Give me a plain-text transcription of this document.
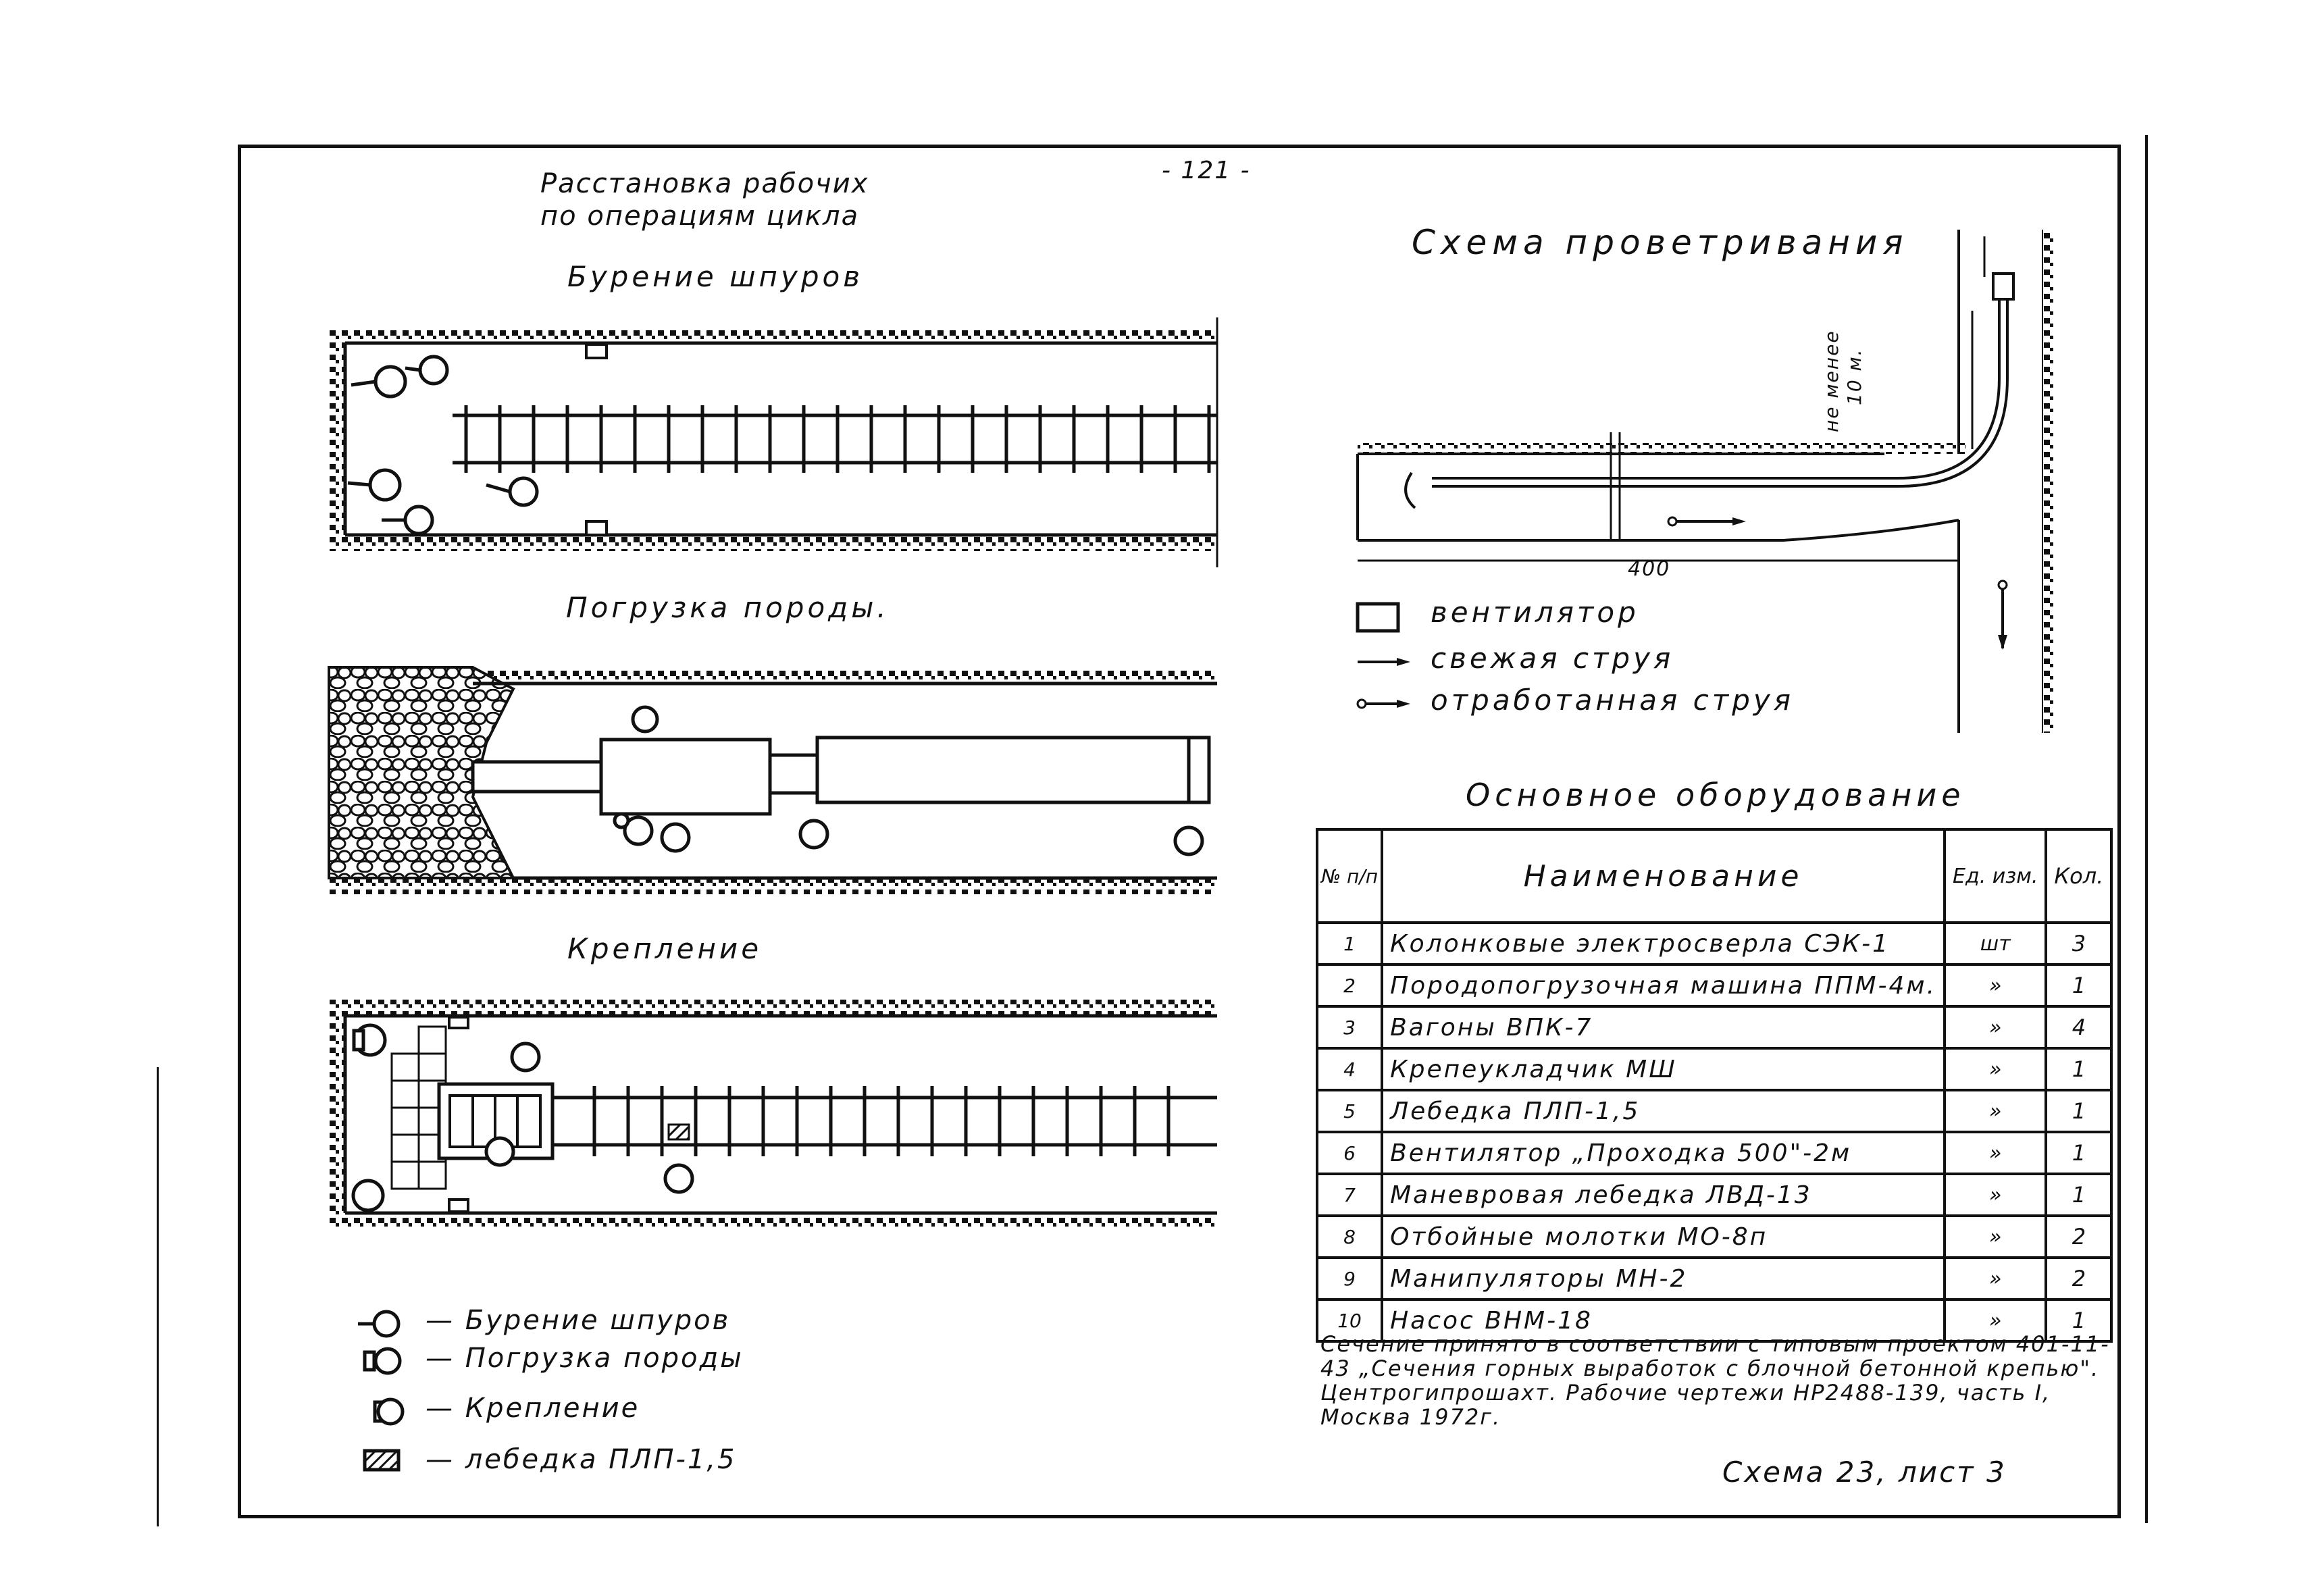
- 121 -
Расстановка рабочих
по операциям цикла
Бурение шпуров
Погрузка породы.
Крепление
Схема проветривания
400
не менее 10 м.
вентилятор
свежая струя
отработанная струя
— Бурение шпуров
— Погрузка породы
— Крепление
— лебедка ПЛП-1,5
Основное оборудование
№ п/п	Наименование	Ед. изм.	Кол.
1	Колонковые электросверла СЭК-1	шт	3
2	Породопогрузочная машина ППМ-4м.	»	1
3	Вагоны ВПК-7	»	4
4	Крепеукладчик МШ	»	1
5	Лебедка ПЛП-1,5	»	1
6	Вентилятор „Проходка 500"-2м	»	1
7	Маневровая лебедка ЛВД-13	»	1
8	Отбойные молотки МО-8п	»	2
9	Манипуляторы МН-2	»	2
10	Насос ВНМ-18	»	1
Сечение принято в соответствии с типовым проектом 401-11-43 „Сечения горных выработок с блочной бетонной крепью". Центрогипрошахт. Рабочие чертежи НР2488-139, часть I, Москва 1972г.
Схема 23, лист 3
